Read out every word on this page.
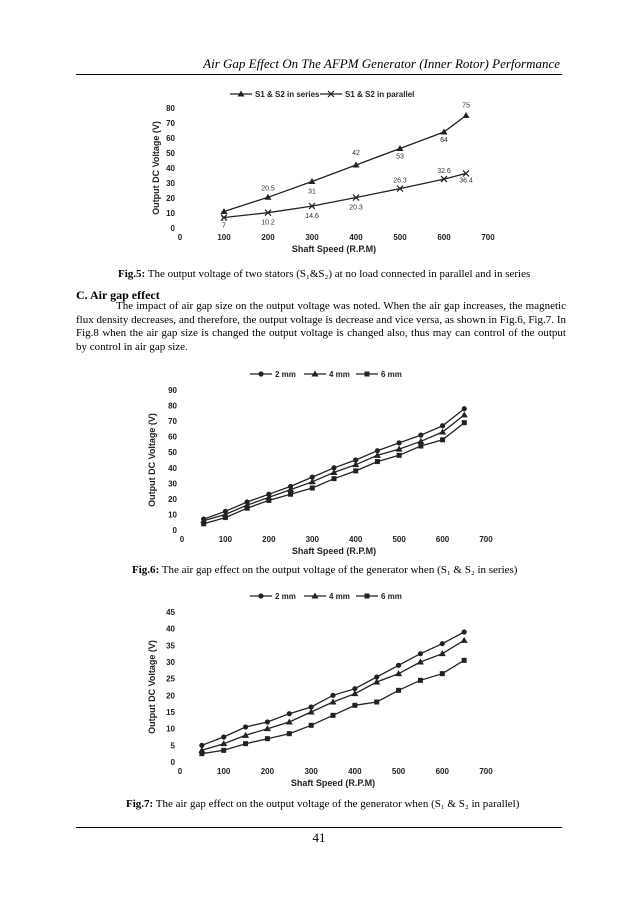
Air Gap Effect On The AFPM Generator (Inner Rotor) Performance
0
10
20
30
40
50
60
70
80
0	100	200	300	400	500	600	700
Shaft Speed (R.P.M)
Output DC Voltage (V)
S1 & S2 in series	S1 & S2 in parallel
11
20.5	31
42	53
64
75
7	10.2
14.6
20.3
26.3
32.6
36.4
Fig.5: The output voltage of two stators (S₁&S₂) at no load connected in parallel and in series
C. Air gap effect

The impact of air gap size on the output voltage was noted. When the air gap increases, the magnetic flux density decreases, and therefore, the output voltage is decrease and vice versa, as shown in Fig.6, Fig.7. In Fig.8 when the air gap size is changed the output voltage is changed also, thus may can control of the output by control in air gap size.

0
10
20
30
40
50
60
70
80
90
0	100	200	300	400	500	600	700
Shaft Speed (R.P.M)
Output DC Voltage (V)
2 mm	4 mm	6 mm
Fig.6: The air gap effect on the output voltage of the generator when (S₁ & S₂ in series)
0
5
10
15
20
25
30
35
40
45
0	100	200	300	400	500	600	700
Shaft Speed (R.P.M)
Output DC Voltage (V)
2 mm	4 mm	6 mm
Fig.7: The air gap effect on the output voltage of the generator when (S₁ & S₂ in parallel)
41
